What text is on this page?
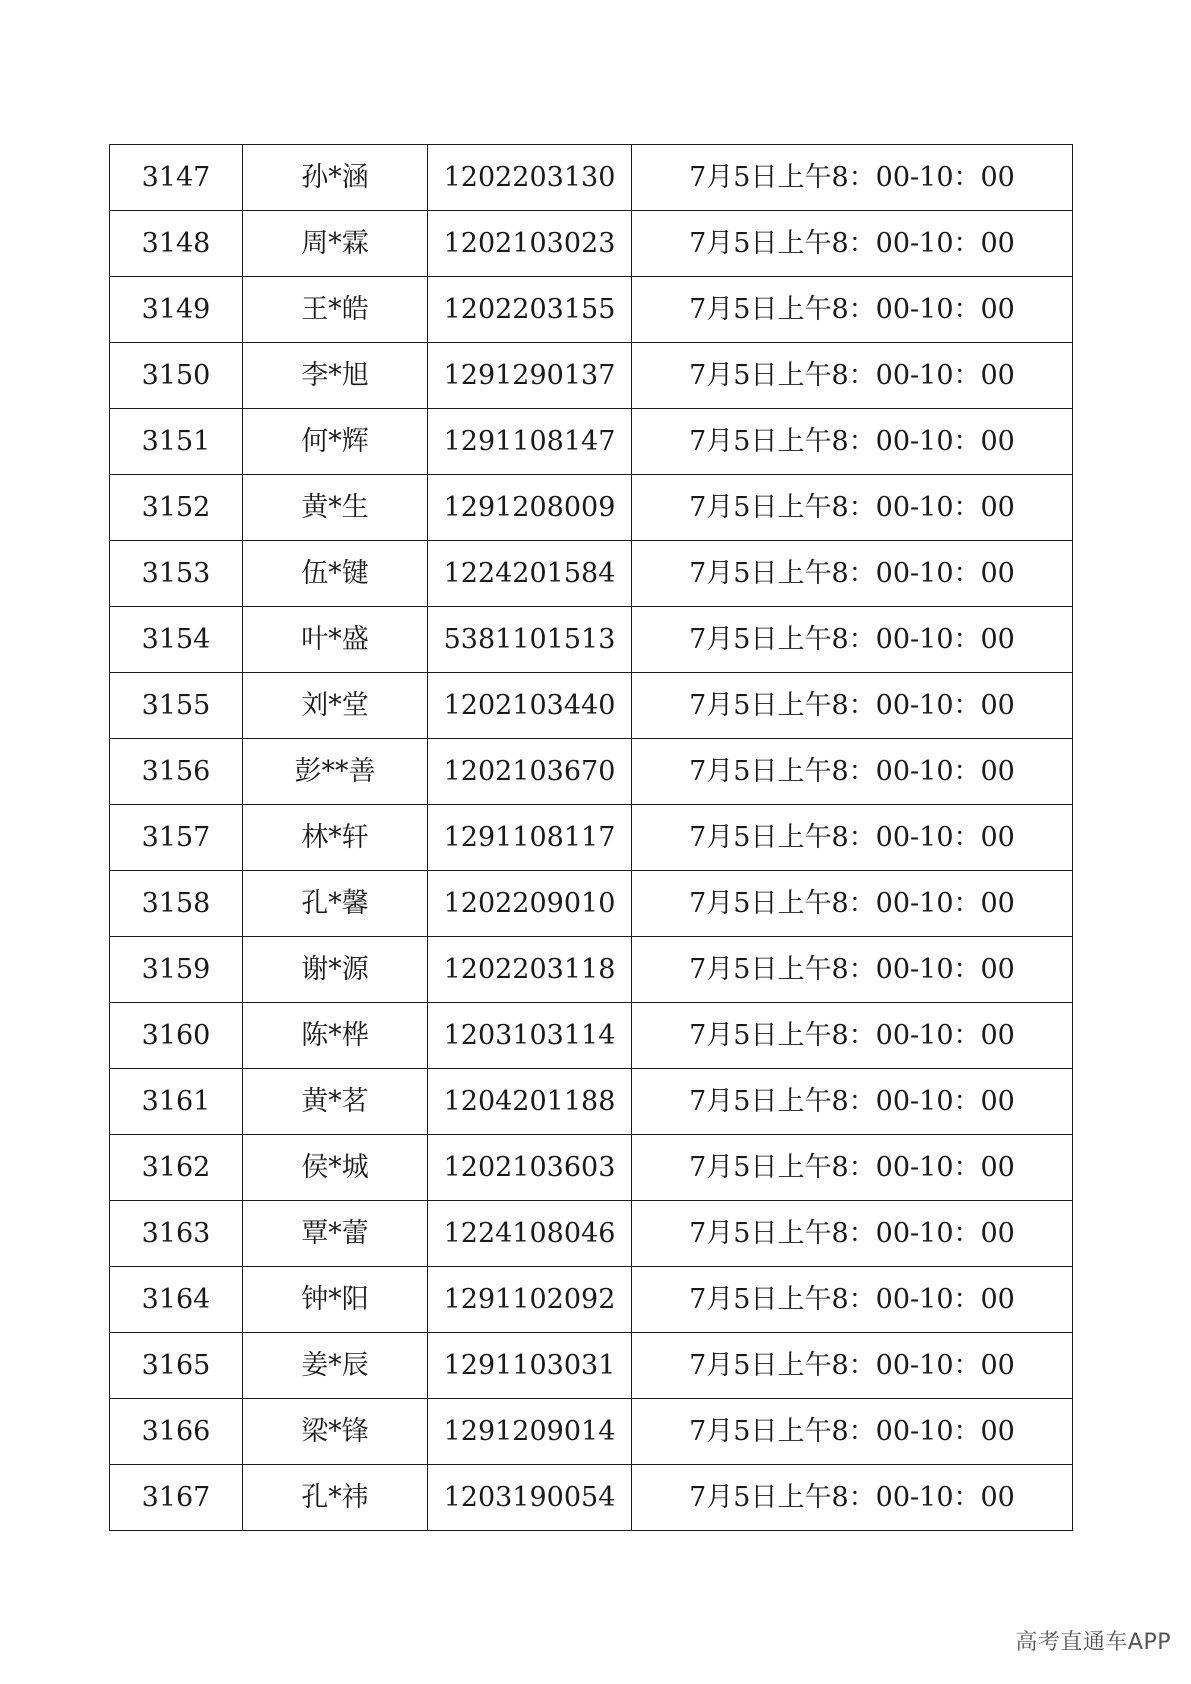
3147	孙*涵	1202203130	7月5日上午8：00-10：00
3148	周*霖	1202103023	7月5日上午8：00-10：00
3149	王*皓	1202203155	7月5日上午8：00-10：00
3150	李*旭	1291290137	7月5日上午8：00-10：00
3151	何*辉	1291108147	7月5日上午8：00-10：00
3152	黄*生	1291208009	7月5日上午8：00-10：00
3153	伍*键	1224201584	7月5日上午8：00-10：00
3154	叶*盛	5381101513	7月5日上午8：00-10：00
3155	刘*堂	1202103440	7月5日上午8：00-10：00
3156	彭**善	1202103670	7月5日上午8：00-10：00
3157	林*轩	1291108117	7月5日上午8：00-10：00
3158	孔*馨	1202209010	7月5日上午8：00-10：00
3159	谢*源	1202203118	7月5日上午8：00-10：00
3160	陈*桦	1203103114	7月5日上午8：00-10：00
3161	黄*茗	1204201188	7月5日上午8：00-10：00
3162	侯*城	1202103603	7月5日上午8：00-10：00
3163	覃*蕾	1224108046	7月5日上午8：00-10：00
3164	钟*阳	1291102092	7月5日上午8：00-10：00
3165	姜*辰	1291103031	7月5日上午8：00-10：00
3166	梁*锋	1291209014	7月5日上午8：00-10：00
3167	孔*祎	1203190054	7月5日上午8：00-10：00
高考直通车APP
